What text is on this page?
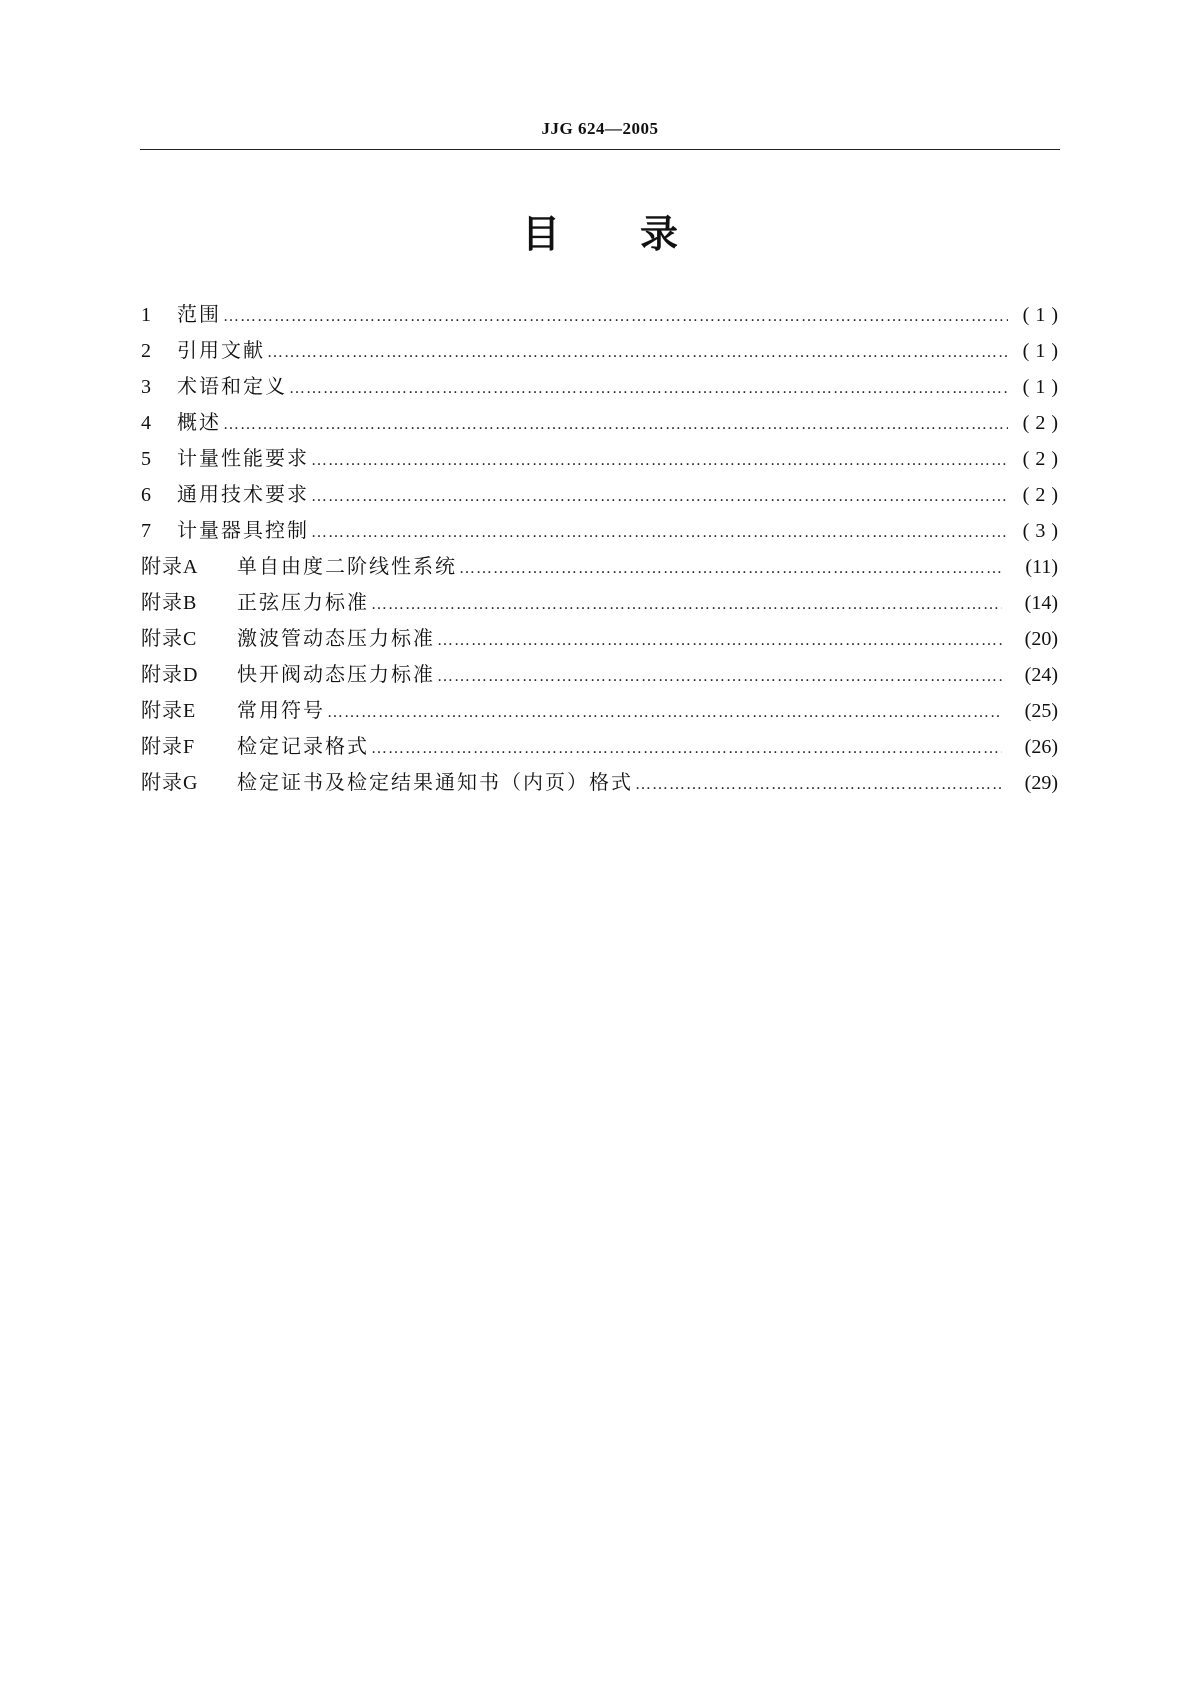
JJG 624—2005
目录
1	范围 ……………………………………………………………………………………………………………………………………………………………………………………………………………………………………………………………………………	(1)
2	引用文献 ……………………………………………………………………………………………………………………………………………………………………………………………………………………………………………………………………………	(1)
3	术语和定义 ……………………………………………………………………………………………………………………………………………………………………………………………………………………………………………………………………………	(1)
4	概述 ……………………………………………………………………………………………………………………………………………………………………………………………………………………………………………………………………………	(2)
5	计量性能要求 ……………………………………………………………………………………………………………………………………………………………………………………………………………………………………………………………………………	(2)
6	通用技术要求 ……………………………………………………………………………………………………………………………………………………………………………………………………………………………………………………………………………	(2)
7	计量器具控制 ……………………………………………………………………………………………………………………………………………………………………………………………………………………………………………………………………………	(3)
附录A	单自由度二阶线性系统 ……………………………………………………………………………………………………………………………………………………………………………………………………………………………………………………………………………	(11)
附录B	正弦压力标准 ……………………………………………………………………………………………………………………………………………………………………………………………………………………………………………………………………………	(14)
附录C	激波管动态压力标准 ……………………………………………………………………………………………………………………………………………………………………………………………………………………………………………………………………………	(20)
附录D	快开阀动态压力标准 ……………………………………………………………………………………………………………………………………………………………………………………………………………………………………………………………………………	(24)
附录E	常用符号 ……………………………………………………………………………………………………………………………………………………………………………………………………………………………………………………………………………	(25)
附录F	检定记录格式 ……………………………………………………………………………………………………………………………………………………………………………………………………………………………………………………………………………	(26)
附录G	检定证书及检定结果通知书（内页）格式 ……………………………………………………………………………………………………………………………………………………………………………………………………………………………………………………………………………	(29)
